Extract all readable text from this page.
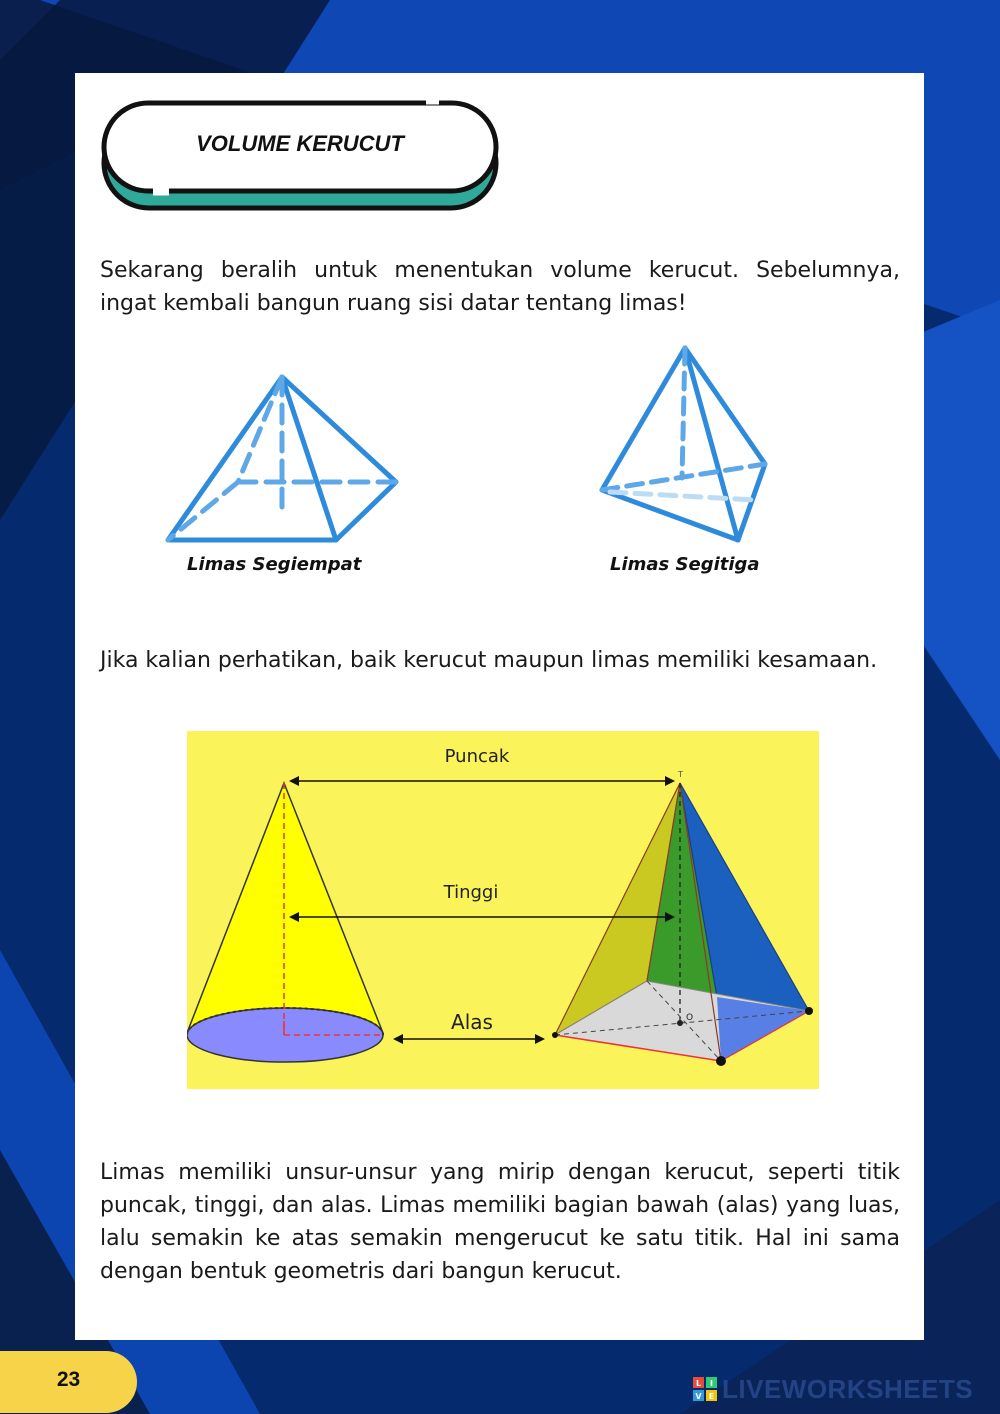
VOLUME KERUCUT
Sekarang beralih untuk menentukan volume kerucut. Sebelumnya, ingat kembali bangun ruang sisi datar tentang limas!
Limas Segiempat	Limas Segitiga
Jika kalian perhatikan, baik kerucut maupun limas memiliki kesamaan.
O
T
Puncak
Tinggi
Alas
Limas memiliki unsur-unsur yang mirip dengan kerucut, seperti titik puncak, tinggi, dan alas. Limas memiliki bagian bawah (alas) yang luas, lalu semakin ke atas semakin mengerucut ke satu titik. Hal ini sama dengan bentuk geometris dari bangun kerucut.
23	L I
V E LIVEWORKSHEETS
